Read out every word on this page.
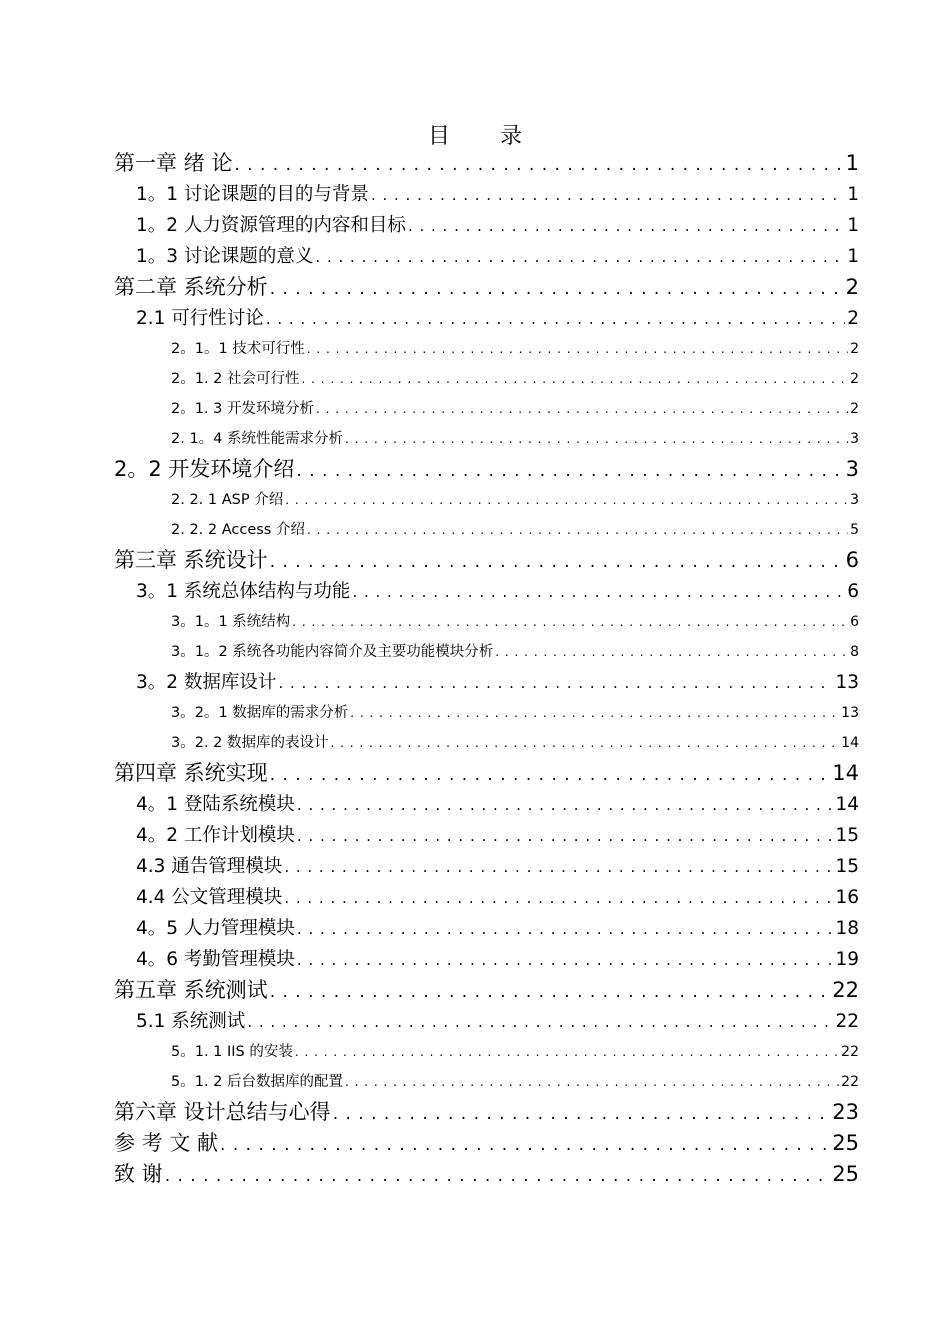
目　录
第一章 绪 论 . . .	1
1。1 讨论课题的目的与背景 . . .	1
1。2 人力资源管理的内容和目标 . . .	1
1。3 讨论课题的意义 . . .	1
第二章 系统分析 . . .	2
2.1 可行性讨论 . . .	2
2。1。1 技术可行性 . . .	2
2。1. 2 社会可行性 . . .	2
2。1. 3 开发环境分析 . . .	2
2. 1。4 系统性能需求分析 . . .	3
2。2 开发环境介绍 . . .	3
2. 2. 1 ASP 介绍 . . .	3
2. 2. 2 Access 介绍 . . .	5
第三章 系统设计 . . .	6
3。1 系统总体结构与功能 . . .	6
3。1。1 系统结构 . . .	6
3。1。2 系统各功能内容简介及主要功能模块分析 . . .	8
3。2 数据库设计 . . .	13
3。2。1 数据库的需求分析 . . .	13
3。2. 2 数据库的表设计 . . .	14
第四章 系统实现 . . .	14
4。1 登陆系统模块 . . .	14
4。2 工作计划模块 . . .	15
4.3 通告管理模块 . . .	15
4.4 公文管理模块 . . .	16
4。5 人力管理模块 . . .	18
4。6 考勤管理模块 . . .	19
第五章 系统测试 . . .	22
5.1 系统测试 . . .	22
5。1. 1 IIS 的安装 . . .	22
5。1. 2 后台数据库的配置 . . .	22
第六章 设计总结与心得 . . .	23
参 考 文 献 . . .	25
致 谢 . . .	25
